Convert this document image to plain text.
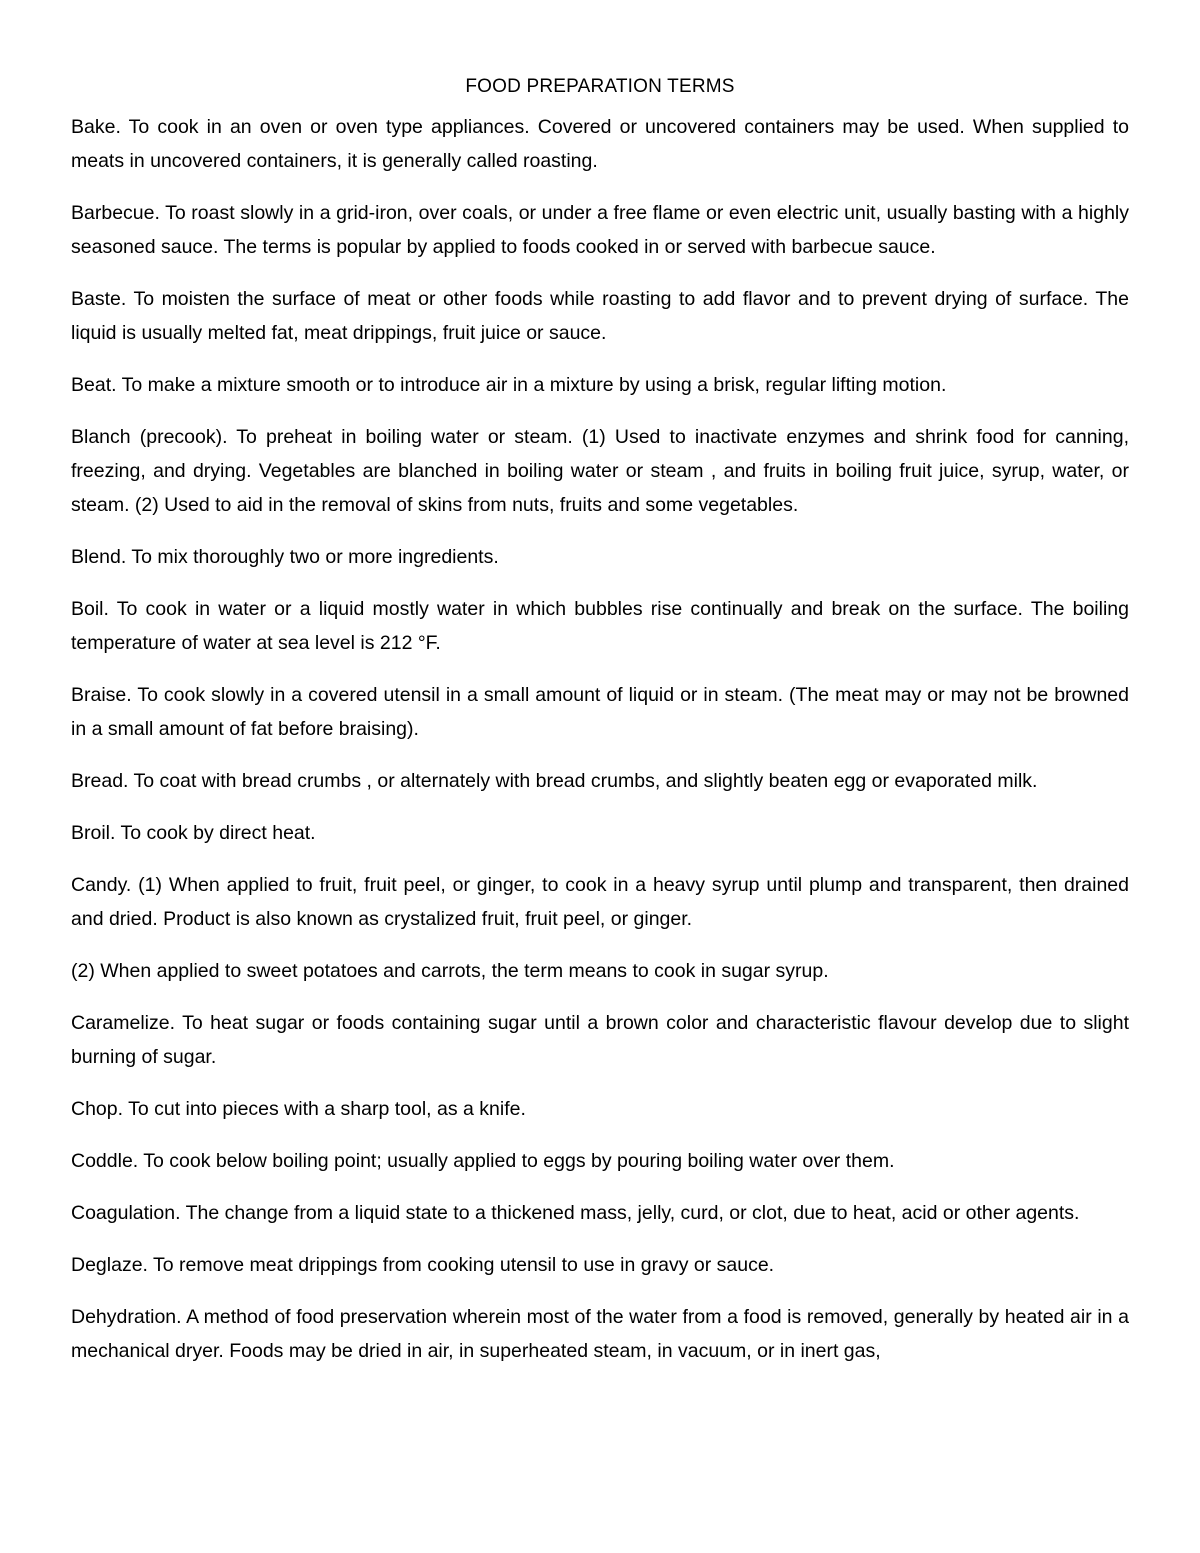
FOOD PREPARATION TERMS

Bake. To cook in an oven or oven type appliances. Covered or uncovered containers may be used. When supplied to meats in uncovered containers, it is generally called roasting.

Barbecue. To roast slowly in a grid-iron, over coals, or under a free flame or even electric unit, usually basting with a highly seasoned sauce. The terms is popular by applied to foods cooked in or served with barbecue sauce.

Baste. To moisten the surface of meat or other foods while roasting to add flavor and to prevent drying of surface. The liquid is usually melted fat, meat drippings, fruit juice or sauce.

Beat. To make a mixture smooth or to introduce air in a mixture by using a brisk, regular lifting motion.

Blanch (precook). To preheat in boiling water or steam. (1) Used to inactivate enzymes and shrink food for canning, freezing, and drying. Vegetables are blanched in boiling water or steam , and fruits in boiling fruit juice, syrup, water, or steam. (2) Used to aid in the removal of skins from nuts, fruits and some vegetables.

Blend. To mix thoroughly two or more ingredients.

Boil. To cook in water or a liquid mostly water in which bubbles rise continually and break on the surface. The boiling temperature of water at sea level is 212 °F.

Braise. To cook slowly in a covered utensil in a small amount of liquid or in steam. (The meat may or may not be browned in a small amount of fat before braising).

Bread. To coat with bread crumbs , or alternately with bread crumbs, and slightly beaten egg or evaporated milk.

Broil. To cook by direct heat.

Candy. (1) When applied to fruit, fruit peel, or ginger, to cook in a heavy syrup until plump and transparent, then drained and dried. Product is also known as crystalized fruit, fruit peel, or ginger.

(2) When applied to sweet potatoes and carrots, the term means to cook in sugar syrup.

Caramelize. To heat sugar or foods containing sugar until a brown color and characteristic flavour develop due to slight burning of sugar.

Chop. To cut into pieces with a sharp tool, as a knife.

Coddle. To cook below boiling point; usually applied to eggs by pouring boiling water over them.

Coagulation. The change from a liquid state to a thickened mass, jelly, curd, or clot, due to heat, acid or other agents.

Deglaze. To remove meat drippings from cooking utensil to use in gravy or sauce.

Dehydration. A method of food preservation wherein most of the water from a food is removed, generally by heated air in a mechanical dryer. Foods may be dried in air, in superheated steam, in vacuum, or in inert gas,
